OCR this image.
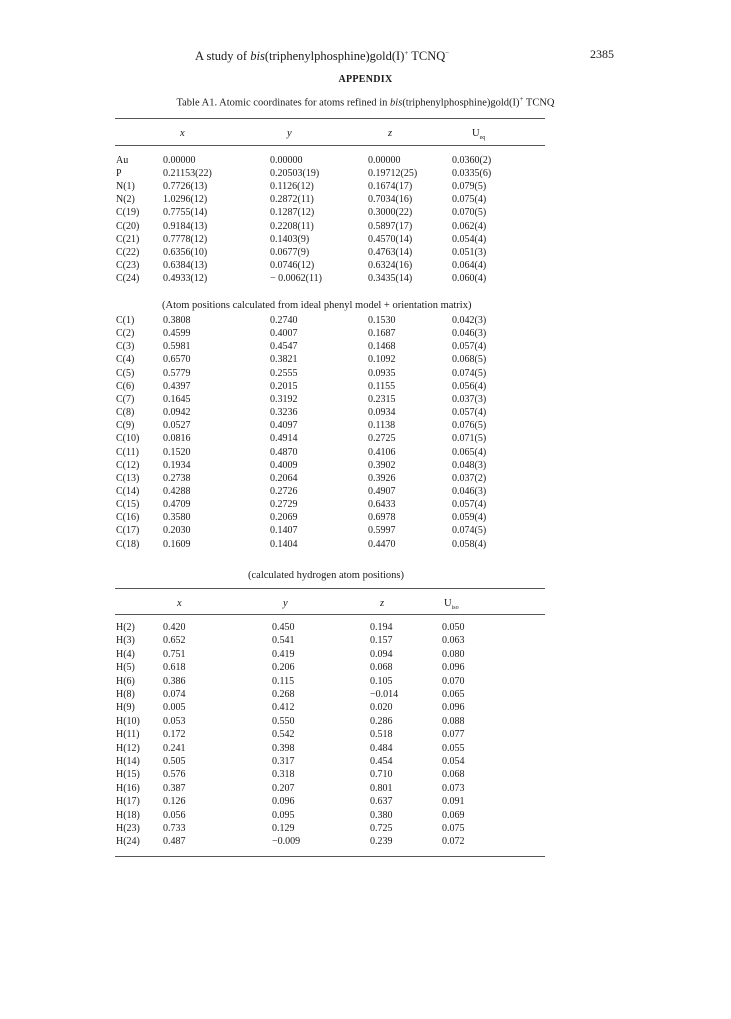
A study of bis(triphenylphosphine)gold(I)+ TCNQ−	2385
APPENDIX
Table A1. Atomic coordinates for atoms refined in bis(triphenylphosphine)gold(I)+ TCNQ
x	y	z	$U_{eq}$
Au	0.00000	0.00000	0.00000	0.0360(2)
P	0.21153(22)	0.20503(19)	0.19712(25)	0.0335(6)
N(1)	0.7726(13)	0.1126(12)	0.1674(17)	0.079(5)
N(2)	1.0296(12)	0.2872(11)	0.7034(16)	0.075(4)
C(19) 0.7755(14)	0.1287(12)	0.3000(22)	0.070(5)
C(20) 0.9184(13)	0.2208(11)	0.5897(17)	0.062(4)
C(21) 0.7778(12)	0.1403(9)	0.4570(14)	0.054(4)
C(22) 0.6356(10)	0.0677(9)	0.4763(14)	0.051(3)
C(23) 0.6384(13)	0.0746(12)	0.6324(16)	0.064(4)
C(24) 0.4933(12)	− 0.0062(11)	0.3435(14)	0.060(4)
(Atom positions calculated from ideal phenyl model + orientation matrix)
C(1)	0.3808	0.2740	0.1530	0.042(3)
C(2)	0.4599	0.4007	0.1687	0.046(3)
C(3)	0.5981	0.4547	0.1468	0.057(4)
C(4)	0.6570	0.3821	0.1092	0.068(5)
C(5)	0.5779	0.2555	0.0935	0.074(5)
C(6)	0.4397	0.2015	0.1155	0.056(4)
C(7)	0.1645	0.3192	0.2315	0.037(3)
C(8)	0.0942	0.3236	0.0934	0.057(4)
C(9)	0.0527	0.4097	0.1138	0.076(5)
C(10) 0.0816	0.4914	0.2725	0.071(5)
C(11) 0.1520	0.4870	0.4106	0.065(4)
C(12) 0.1934	0.4009	0.3902	0.048(3)
C(13) 0.2738	0.2064	0.3926	0.037(2)
C(14) 0.4288	0.2726	0.4907	0.046(3)
C(15) 0.4709	0.2729	0.6433	0.057(4)
C(16) 0.3580	0.2069	0.6978	0.059(4)
C(17) 0.2030	0.1407	0.5997	0.074(5)
C(18) 0.1609	0.1404	0.4470	0.058(4)
(calculated hydrogen atom positions)
x	y	z	$U_{iso}$
H(2)	0.420	0.450	0.194	0.050
H(3)	0.652	0.541	0.157	0.063
H(4)	0.751	0.419	0.094	0.080
H(5)	0.618	0.206	0.068	0.096
H(6)	0.386	0.115	0.105	0.070
H(8)	0.074	0.268	−0.014	0.065
H(9)	0.005	0.412	0.020	0.096
H(10) 0.053	0.550	0.286	0.088
H(11) 0.172	0.542	0.518	0.077
H(12) 0.241	0.398	0.484	0.055
H(14) 0.505	0.317	0.454	0.054
H(15) 0.576	0.318	0.710	0.068
H(16) 0.387	0.207	0.801	0.073
H(17) 0.126	0.096	0.637	0.091
H(18) 0.056	0.095	0.380	0.069
H(23) 0.733	0.129	0.725	0.075
H(24) 0.487	−0.009	0.239	0.072
